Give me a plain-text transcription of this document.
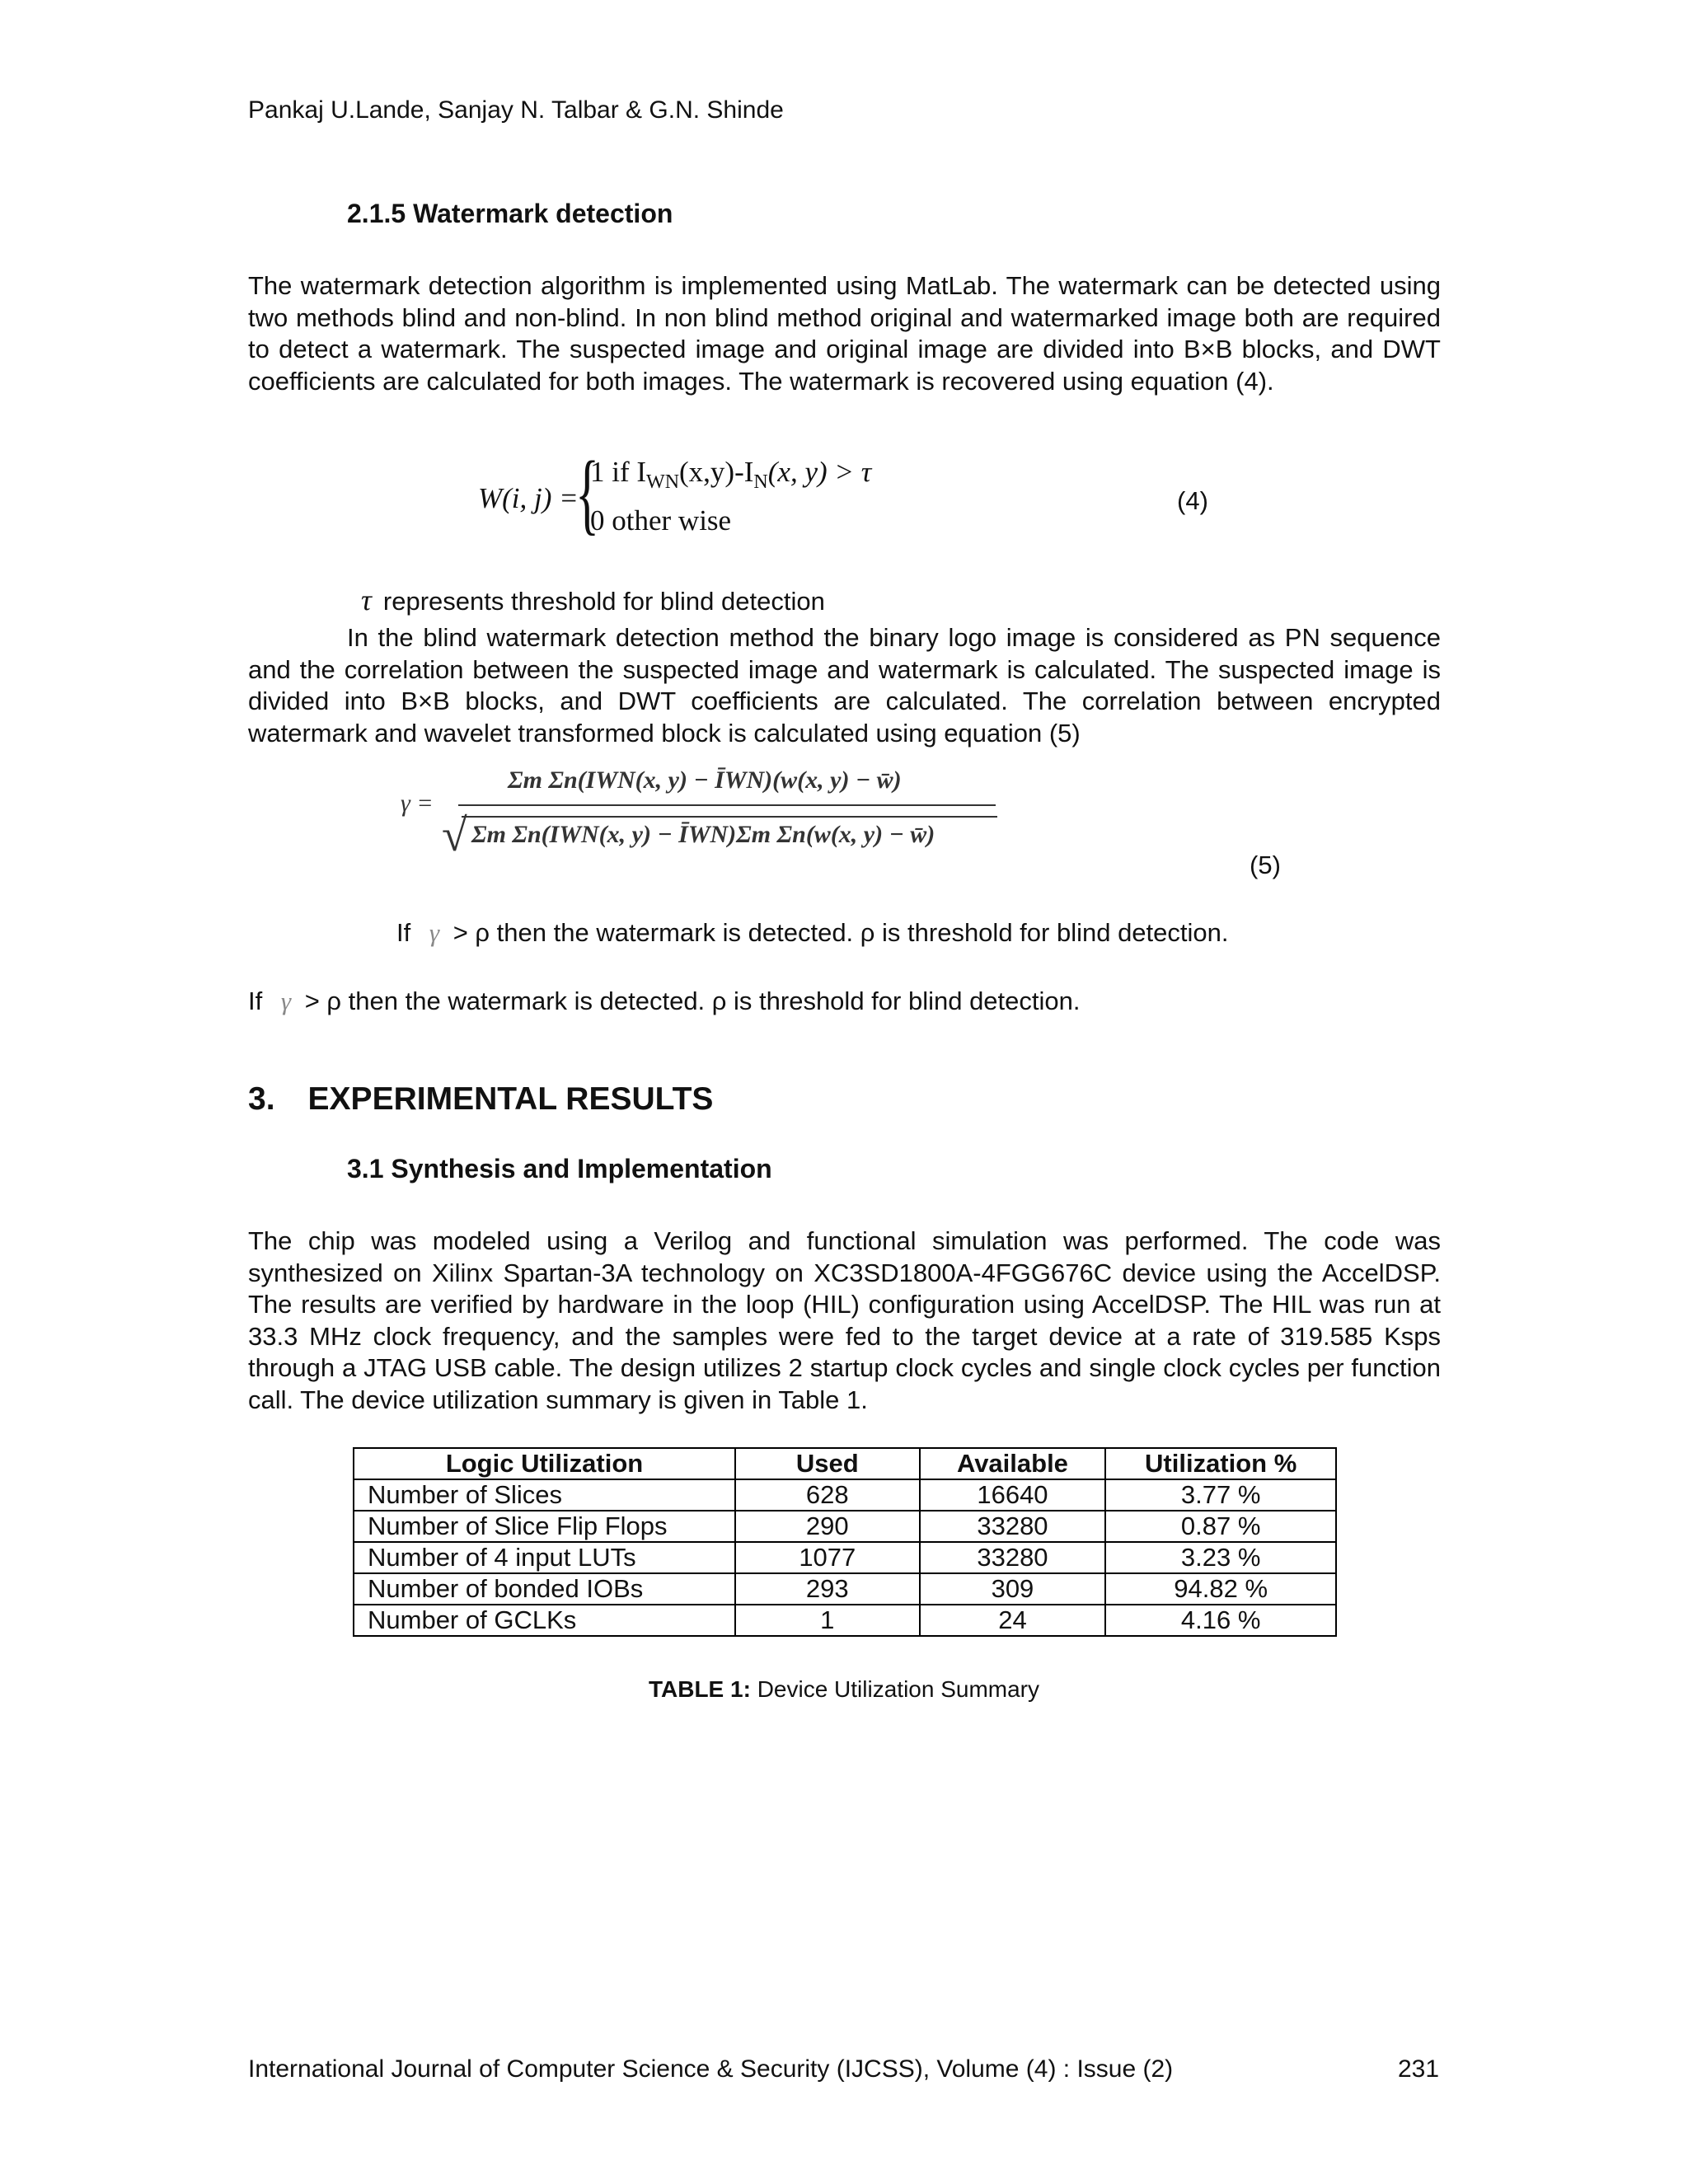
Pankaj U.Lande, Sanjay N. Talbar & G.N. Shinde
2.1.5 Watermark detection
The watermark detection algorithm is implemented using MatLab. The watermark can be detected using two methods blind and non-blind. In non blind method original and watermarked image both are required to detect a watermark. The suspected image and original image are divided into B×B blocks, and DWT coefficients are calculated for both images. The watermark is recovered using equation (4).
W(i, j) =
{
1 if $I_{WN}(x,y)-I_N(x$, y) > τ
0 other wise
(4)
τ represents threshold for blind detection
In the blind watermark detection method the binary logo image is considered as PN sequence and the correlation between the suspected image and watermark is calculated. The suspected image is divided into B×B blocks, and DWT coefficients are calculated. The correlation between encrypted watermark and wavelet transformed block is calculated using equation (5)
γ =
Σm Σn(IWN(x, y) − ĪWN)(w(x, y) − w̄)
√ Σm Σn(IWN(x, y) − ĪWN)Σm Σn(w(x, y) − w̄)
(5)
If γ > ρ then the watermark is detected. ρ is threshold for blind detection.
If γ > ρ then the watermark is detected. ρ is threshold for blind detection.
3. EXPERIMENTAL RESULTS
3.1 Synthesis and Implementation
The chip was modeled using a Verilog and functional simulation was performed. The code was synthesized on Xilinx Spartan-3A technology on XC3SD1800A-4FGG676C device using the AccelDSP. The results are verified by hardware in the loop (HIL) configuration using AccelDSP. The HIL was run at 33.3 MHz clock frequency, and the samples were fed to the target device at a rate of 319.585 Ksps through a JTAG USB cable. The design utilizes 2 startup clock cycles and single clock cycles per function call. The device utilization summary is given in Table 1.
Logic Utilization	Used	Available	Utilization %
Number of Slices	628	16640	3.77 %
Number of Slice Flip Flops	290	33280	0.87 %
Number of 4 input LUTs	1077	33280	3.23 %
Number of bonded IOBs	293	309	94.82 %
Number of GCLKs	1	24	4.16 %
TABLE 1: Device Utilization Summary
International Journal of Computer Science & Security (IJCSS), Volume (4) : Issue (2)	231
